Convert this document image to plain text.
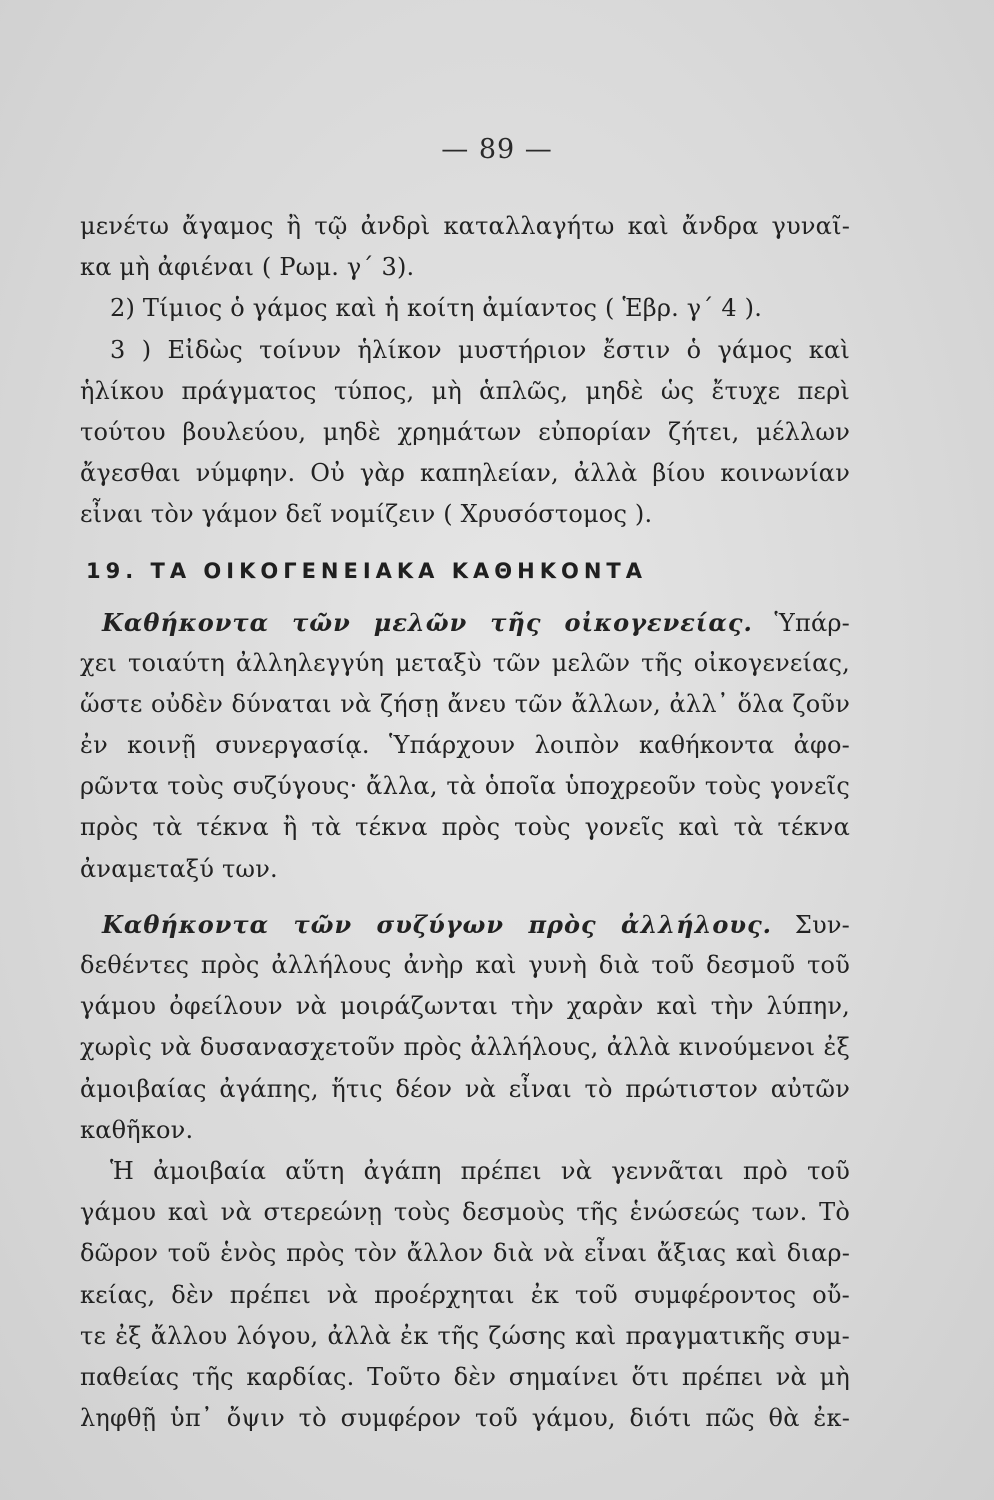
— 89 —
μενέτω ἄγαμος ἢ τῷ ἀνδρὶ καταλλαγήτω καὶ ἄνδρα γυναῖ-
κα μὴ ἀφιέναι ( Ρωμ. γ΄ 3).
2) Τίμιος ὁ γάμος καὶ ἡ κοίτη ἀμίαντος ( Ἑβρ. γ΄ 4 ).
3 ) Εἰδὼς τοίνυν ἡλίκον μυστήριον ἔστιν ὁ γάμος καὶ
ἡλίκου πράγματος τύπος, μὴ ἁπλῶς, μηδὲ ὡς ἔτυχε περὶ
τούτου βουλεύου, μηδὲ χρημάτων εὐπορίαν ζήτει, μέλλων
ἄγεσθαι νύμφην. Οὐ γὰρ καπηλείαν, ἀλλὰ βίου κοινωνίαν
εἶναι τὸν γάμον δεῖ νομίζειν ( Χρυσόστομος ).
19. ΤΑ ΟΙΚΟΓΕΝΕΙΑΚΑ ΚΑΘΗΚΟΝΤΑ
Καθήκοντα τῶν μελῶν τῆς οἰκογενείας. Ὑπάρ-
χει τοιαύτη ἀλληλεγγύη μεταξὺ τῶν μελῶν τῆς οἰκογενείας,
ὥστε οὐδὲν δύναται νὰ ζήσῃ ἄνευ τῶν ἄλλων, ἀλλ᾿ ὅλα ζοῦν
ἐν κοινῇ συνεργασίᾳ. Ὑπάρχουν λοιπὸν καθήκοντα ἀφο-
ρῶντα τοὺς συζύγους· ἄλλα, τὰ ὁποῖα ὑποχρεοῦν τοὺς γονεῖς
πρὸς τὰ τέκνα ἢ τὰ τέκνα πρὸς τοὺς γονεῖς καὶ τὰ τέκνα
ἀναμεταξύ των.
Καθήκοντα τῶν συζύγων πρὸς ἀλλήλους. Συν-
δεθέντες πρὸς ἀλλήλους ἀνὴρ καὶ γυνὴ διὰ τοῦ δεσμοῦ τοῦ
γάμου ὀφείλουν νὰ μοιράζωνται τὴν χαρὰν καὶ τὴν λύπην,
χωρὶς νὰ δυσανασχετοῦν πρὸς ἀλλήλους, ἀλλὰ κινούμενοι ἐξ
ἀμοιβαίας ἀγάπης, ἥτις δέον νὰ εἶναι τὸ πρώτιστον αὐτῶν
καθῆκον.
Ἡ ἀμοιβαία αὕτη ἀγάπη πρέπει νὰ γεννᾶται πρὸ τοῦ
γάμου καὶ νὰ στερεώνῃ τοὺς δεσμοὺς τῆς ἑνώσεώς των. Τὸ
δῶρον τοῦ ἑνὸς πρὸς τὸν ἄλλον διὰ νὰ εἶναι ἄξιας καὶ διαρ-
κείας, δὲν πρέπει νὰ προέρχηται ἐκ τοῦ συμφέροντος οὔ-
τε ἐξ ἄλλου λόγου, ἀλλὰ ἐκ τῆς ζώσης καὶ πραγματικῆς συμ-
παθείας τῆς καρδίας. Τοῦτο δὲν σημαίνει ὅτι πρέπει νὰ μὴ
ληφθῇ ὑπ᾿ ὄψιν τὸ συμφέρον τοῦ γάμου, διότι πῶς θὰ ἐκ-
